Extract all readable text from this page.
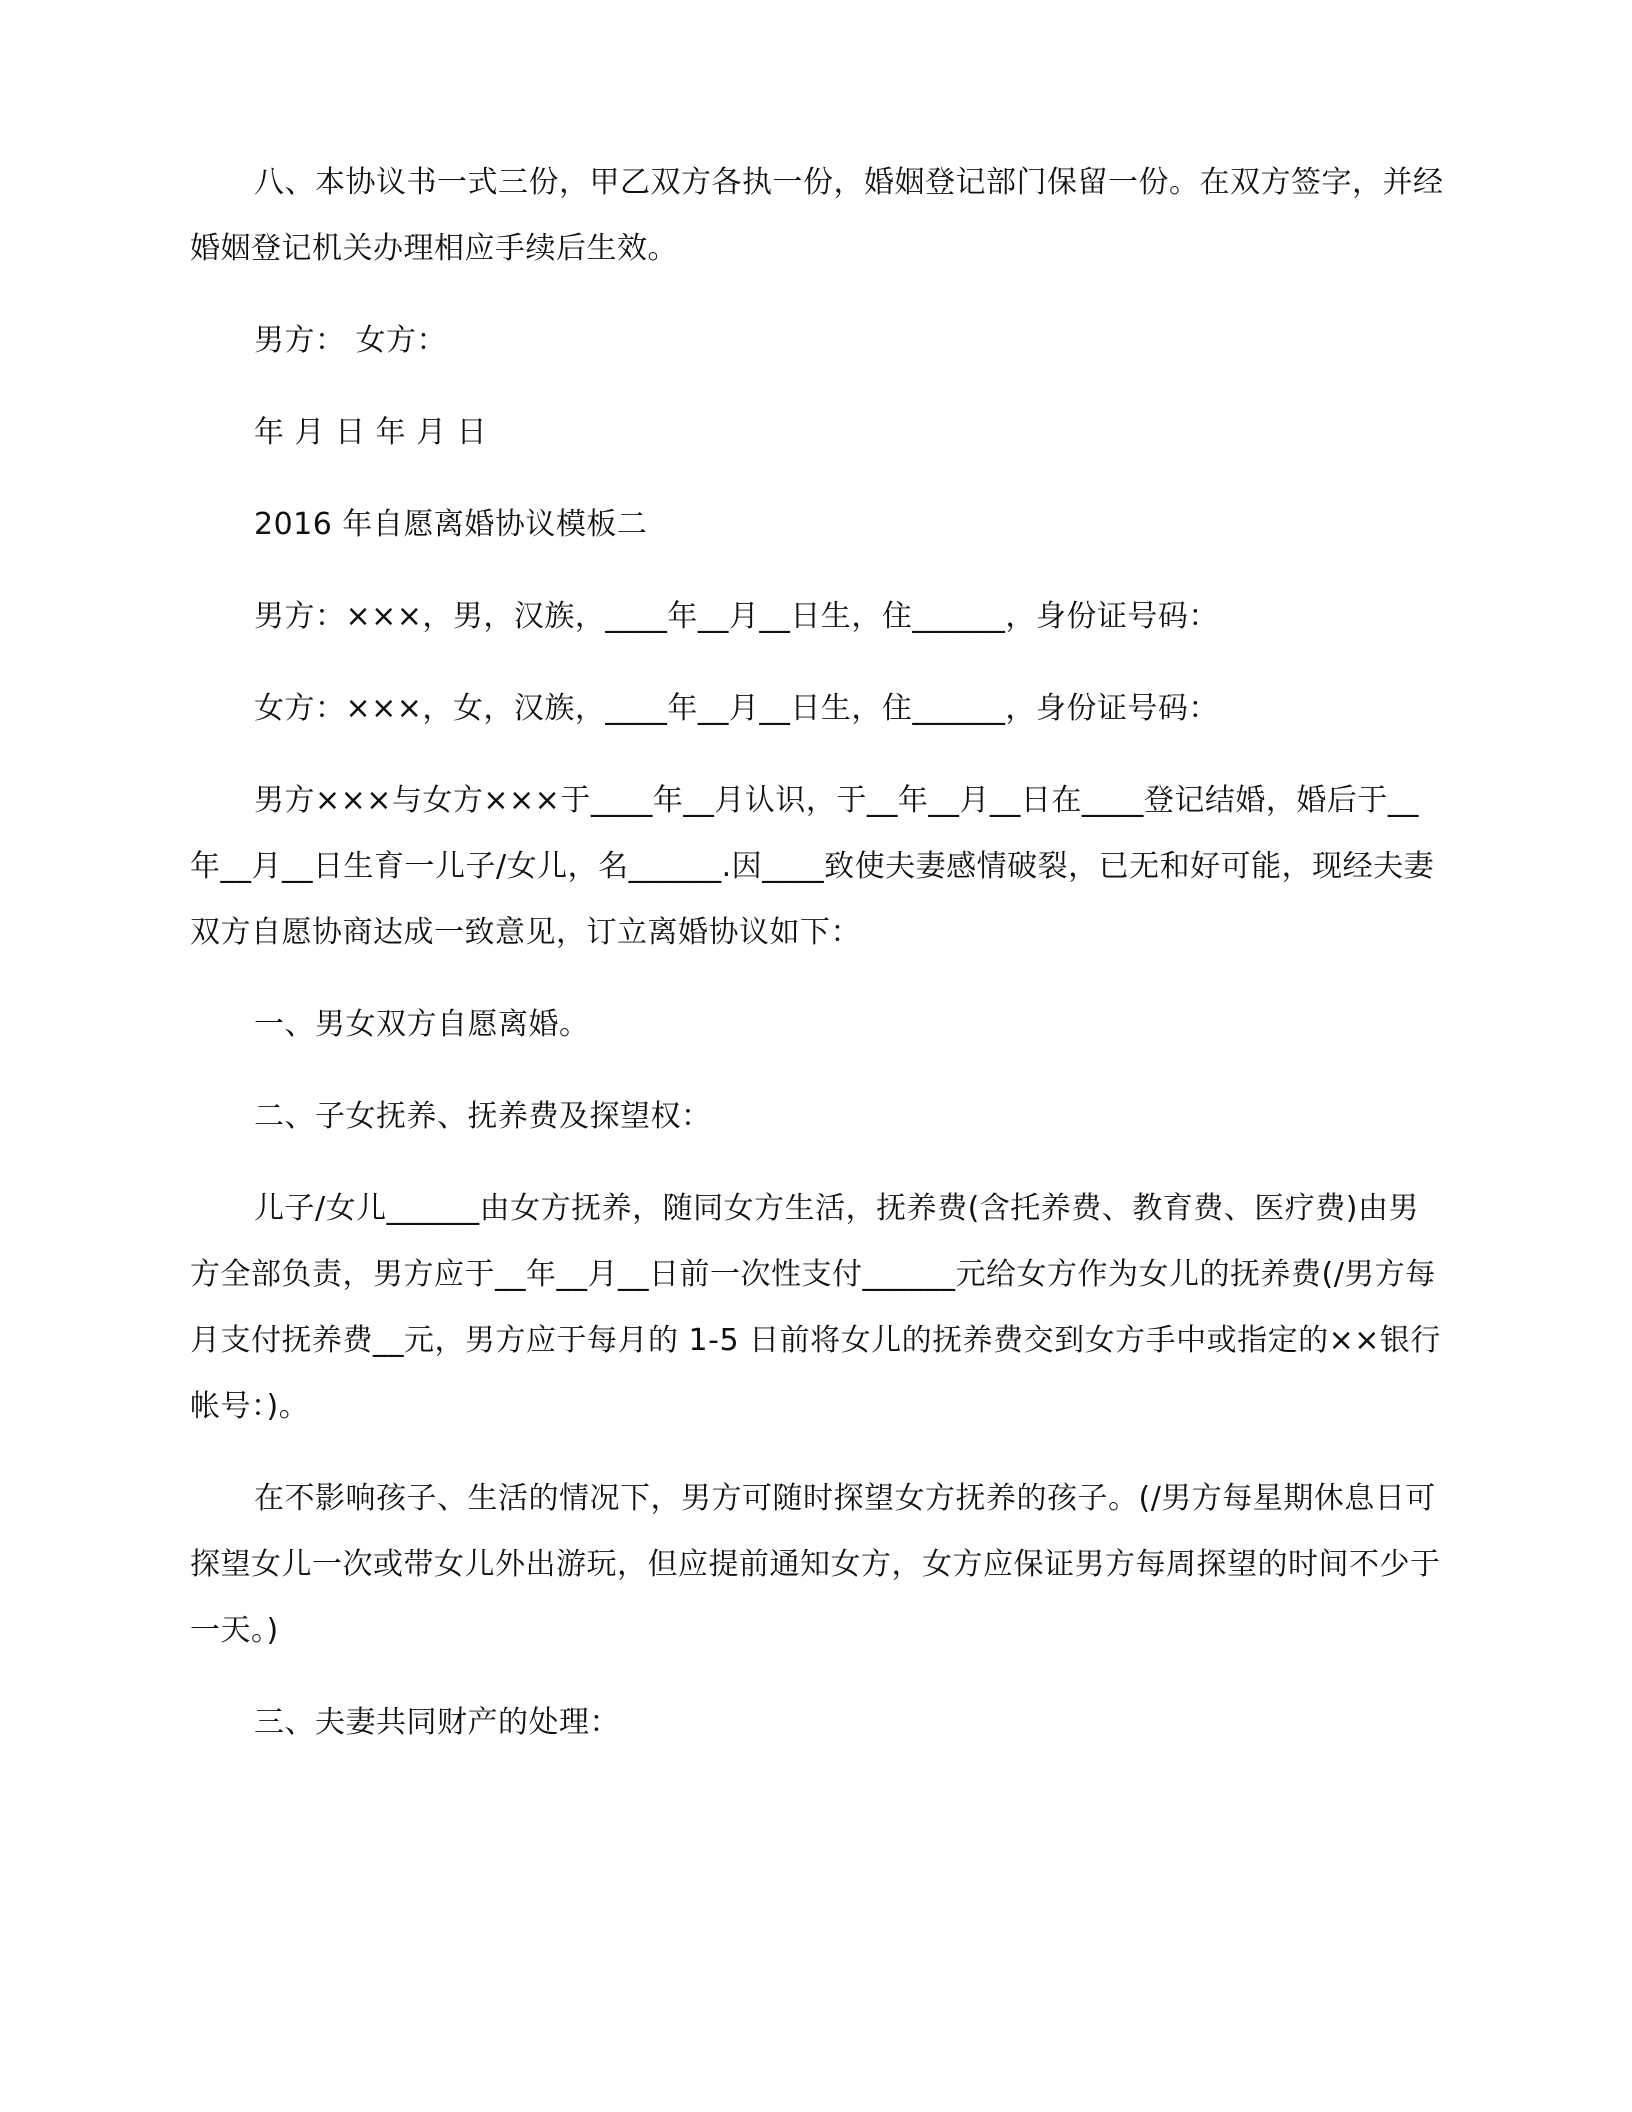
八、本协议书一式三份，甲乙双方各执一份，婚姻登记部门保留一份。在双方签字，并经婚姻登记机关办理相应手续后生效。

男方： 女方：

年 月 日 年 月 日

2016 年自愿离婚协议模板二

男方：×××，男，汉族，____年__月__日生，住______，身份证号码：

女方：×××，女，汉族，____年__月__日生，住______，身份证号码：

男方×××与女方×××于____年__月认识，于__年__月__日在____登记结婚，婚后于__年__月__日生育一儿子/女儿，名______.因____致使夫妻感情破裂，已无和好可能，现经夫妻双方自愿协商达成一致意见，订立离婚协议如下：

一、男女双方自愿离婚。

二、子女抚养、抚养费及探望权：

儿子/女儿______由女方抚养，随同女方生活，抚养费(含托养费、教育费、医疗费)由男方全部负责，男方应于__年__月__日前一次性支付______元给女方作为女儿的抚养费(/男方每月支付抚养费__元，男方应于每月的 1-5 日前将女儿的抚养费交到女方手中或指定的××银行帐号：)。

在不影响孩子、生活的情况下，男方可随时探望女方抚养的孩子。(/男方每星期休息日可探望女儿一次或带女儿外出游玩，但应提前通知女方，女方应保证男方每周探望的时间不少于一天。)

三、夫妻共同财产的处理：
